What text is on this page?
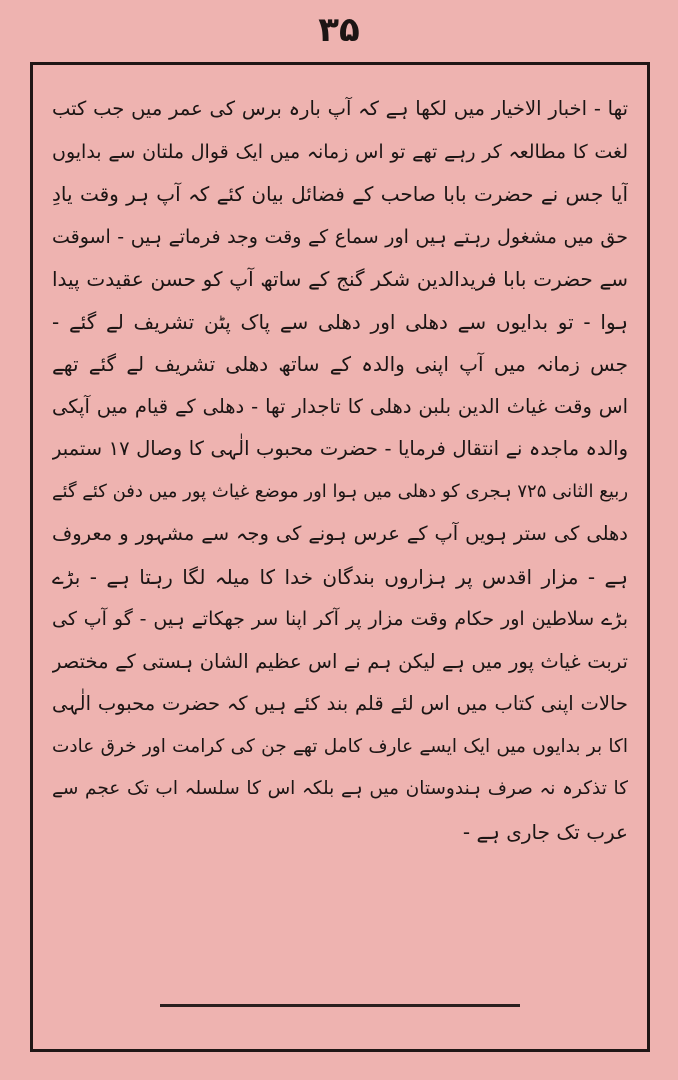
۳۵
تھا - اخبار الاخیار میں لکھا ہے کہ آپ بارہ برس کی عمر میں جب کتب
لغت کا مطالعہ کر رہے تھے تو اس زمانہ میں ایک قوال ملتان سے بدایوں
آیا جس نے حضرت بابا صاحب کے فضائل بیان کئے کہ آپ ہر وقت یادِ
حق میں مشغول رہتے ہیں اور سماع کے وقت وجد فرماتے ہیں - اسوقت
سے حضرت بابا فریدالدین شکر گنج کے ساتھ آپ کو حسن عقیدت پیدا
ہوا - تو بدایوں سے دھلی اور دھلی سے پاک پٹن تشریف لے گئے -
جس زمانہ میں آپ اپنی والدہ کے ساتھ دھلی تشریف لے گئے تھے
اس وقت غیاث الدین بلبن دھلی کا تاجدار تھا - دھلی کے قیام میں آپکی
والدہ ماجدہ نے انتقال فرمایا - حضرت محبوب الٰہی کا وصال ۱۷ ستمبر
ربیع الثانی ۷۲۵ ہجری کو دھلی میں ہوا اور موضع غیاث پور میں دفن کئے گئے
دھلی کی ستر ہویں آپ کے عرس ہونے کی وجہ سے مشہور و معروف
ہے - مزار اقدس پر ہزاروں بندگان خدا کا میلہ لگا رہتا ہے - بڑے
بڑے سلاطین اور حکام وقت مزار پر آکر اپنا سر جھکاتے ہیں - گو آپ کی
تربت غیاث پور میں ہے لیکن ہم نے اس عظیم الشان ہستی کے مختصر
حالات اپنی کتاب میں اس لئے قلم بند کئے ہیں کہ حضرت محبوب الٰہی
اکا بر بدایوں میں ایک ایسے عارف کامل تھے جن کی کرامت اور خرق عادت
کا تذکرہ نہ صرف ہندوستان میں ہے بلکہ اس کا سلسلہ اب تک عجم سے
عرب تک جاری ہے -
